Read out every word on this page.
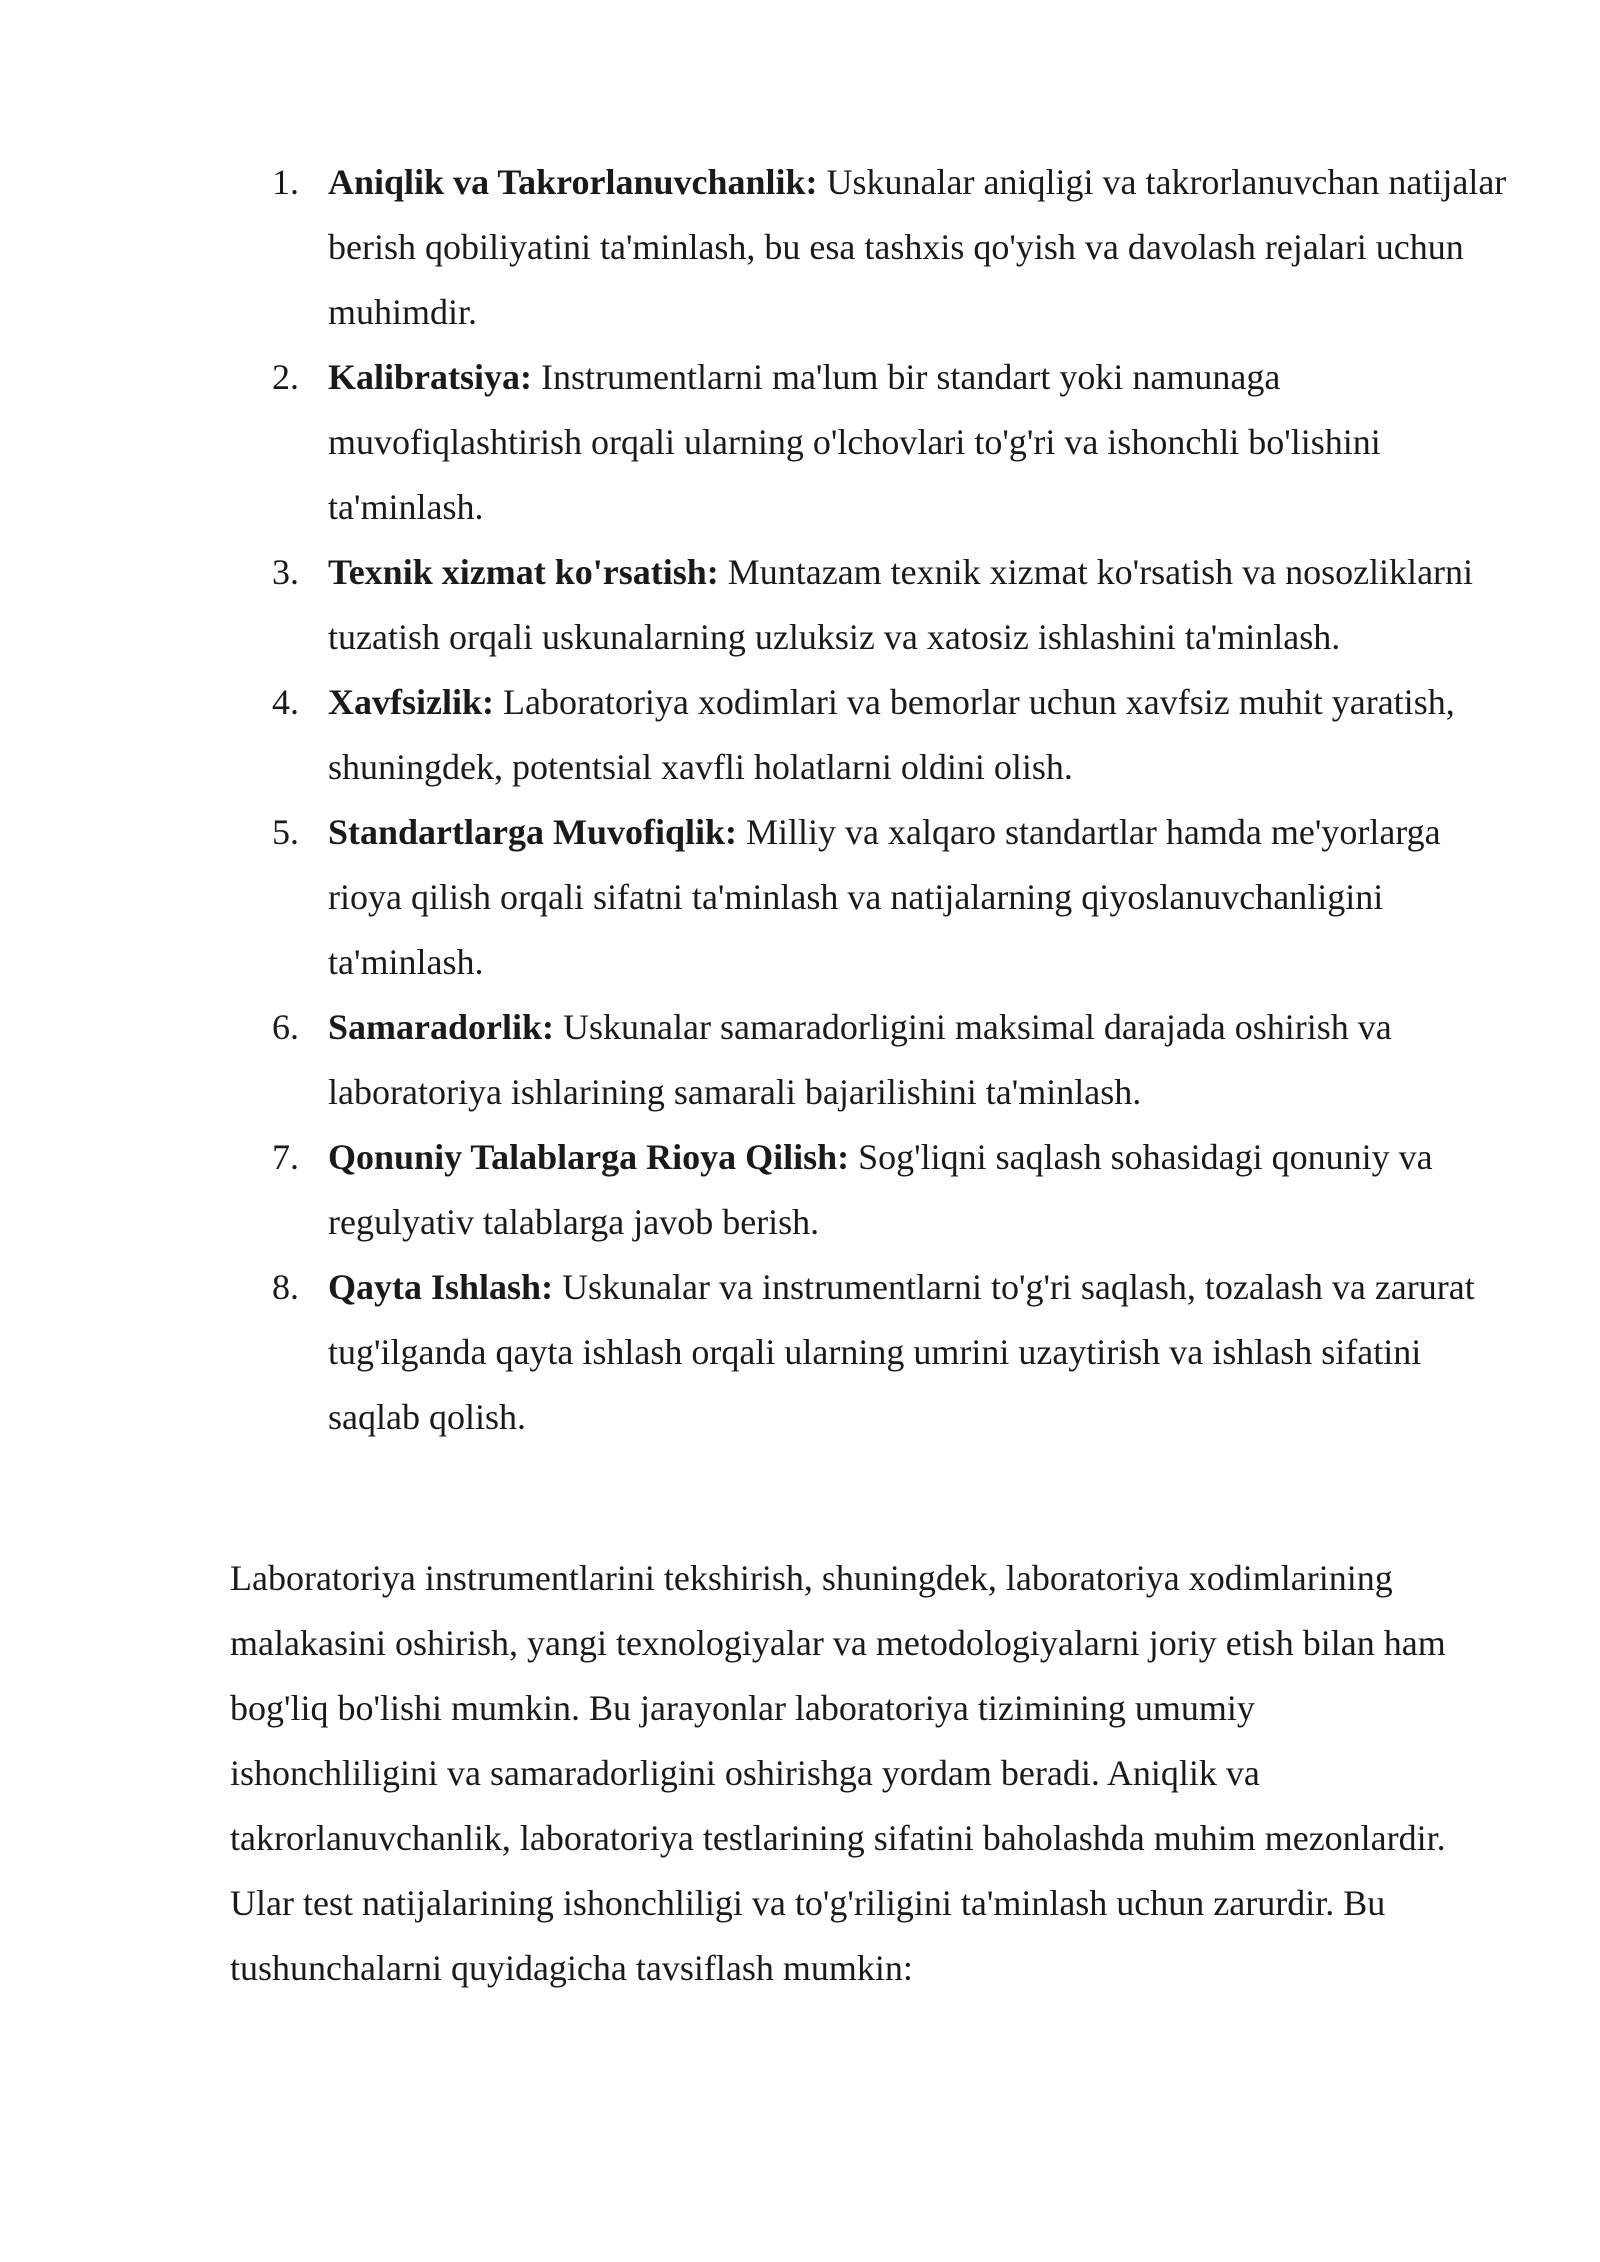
1. Aniqlik va Takrorlanuvchanlik: Uskunalar aniqligi va takrorlanuvchan natijalar berish qobiliyatini ta'minlash, bu esa tashxis qo'yish va davolash rejalari uchun muhimdir.
2. Kalibratsiya: Instrumentlarni ma'lum bir standart yoki namunaga muvofiqlashtirish orqali ularning o'lchovlari to'g'ri va ishonchli bo'lishini ta'minlash.
3. Texnik xizmat ko'rsatish: Muntazam texnik xizmat ko'rsatish va nosozliklarni tuzatish orqali uskunalarning uzluksiz va xatosiz ishlashini ta'minlash.
4. Xavfsizlik: Laboratoriya xodimlari va bemorlar uchun xavfsiz muhit yaratish, shuningdek, potentsial xavfli holatlarni oldini olish.
5. Standartlarga Muvofiqlik: Milliy va xalqaro standartlar hamda me'yorlarga rioya qilish orqali sifatni ta'minlash va natijalarning qiyoslanuvchanligini ta'minlash.
6. Samaradorlik: Uskunalar samaradorligini maksimal darajada oshirish va laboratoriya ishlarining samarali bajarilishini ta'minlash.
7. Qonuniy Talablarga Rioya Qilish: Sog'liqni saqlash sohasidagi qonuniy va regulyativ talablarga javob berish.
8. Qayta Ishlash: Uskunalar va instrumentlarni to'g'ri saqlash, tozalash va zarurat tug'ilganda qayta ishlash orqali ularning umrini uzaytirish va ishlash sifatini saqlab qolish.

Laboratoriya instrumentlarini tekshirish, shuningdek, laboratoriya xodimlarining malakasini oshirish, yangi texnologiyalar va metodologiyalarni joriy etish bilan ham bog'liq bo'lishi mumkin. Bu jarayonlar laboratoriya tizimining umumiy ishonchliligini va samaradorligini oshirishga yordam beradi. Aniqlik va takrorlanuvchanlik, laboratoriya testlarining sifatini baholashda muhim mezonlardir. Ular test natijalarining ishonchliligi va to'g'riligini ta'minlash uchun zarurdir. Bu tushunchalarni quyidagicha tavsiflash mumkin:
